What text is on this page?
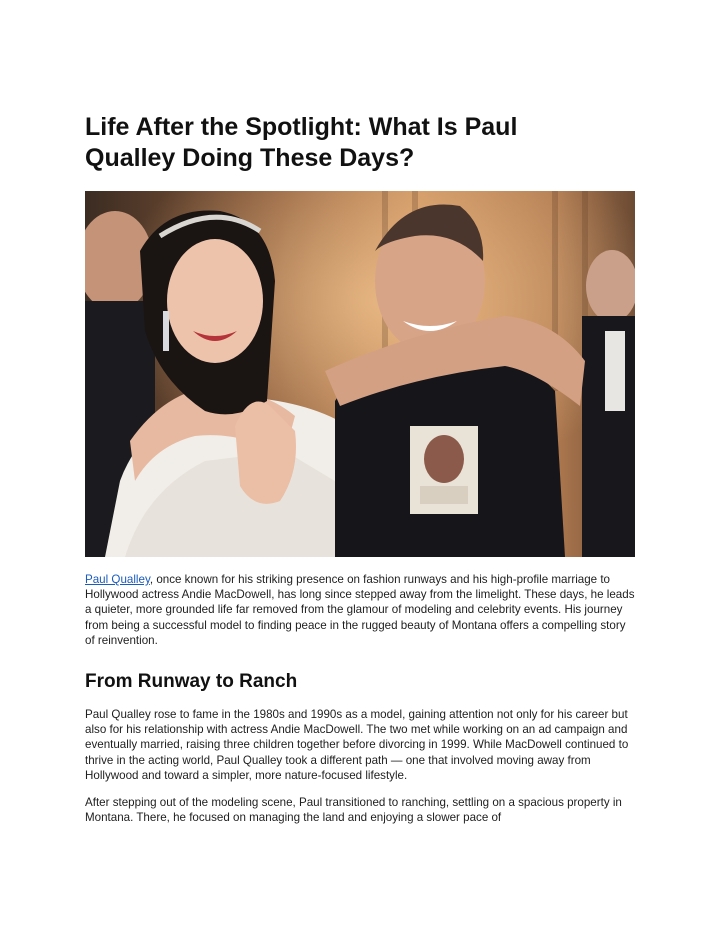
Life After the Spotlight: What Is Paul Qualley Doing These Days?

Paul Qualley, once known for his striking presence on fashion runways and his high-profile marriage to Hollywood actress Andie MacDowell, has long since stepped away from the limelight. These days, he leads a quieter, more grounded life far removed from the glamour of modeling and celebrity events. His journey from being a successful model to finding peace in the rugged beauty of Montana offers a compelling story of reinvention.

From Runway to Ranch

Paul Qualley rose to fame in the 1980s and 1990s as a model, gaining attention not only for his career but also for his relationship with actress Andie MacDowell. The two met while working on an ad campaign and eventually married, raising three children together before divorcing in 1999. While MacDowell continued to thrive in the acting world, Paul Qualley took a different path — one that involved moving away from Hollywood and toward a simpler, more nature-focused lifestyle.

After stepping out of the modeling scene, Paul transitioned to ranching, settling on a spacious property in Montana. There, he focused on managing the land and enjoying a slower pace of
